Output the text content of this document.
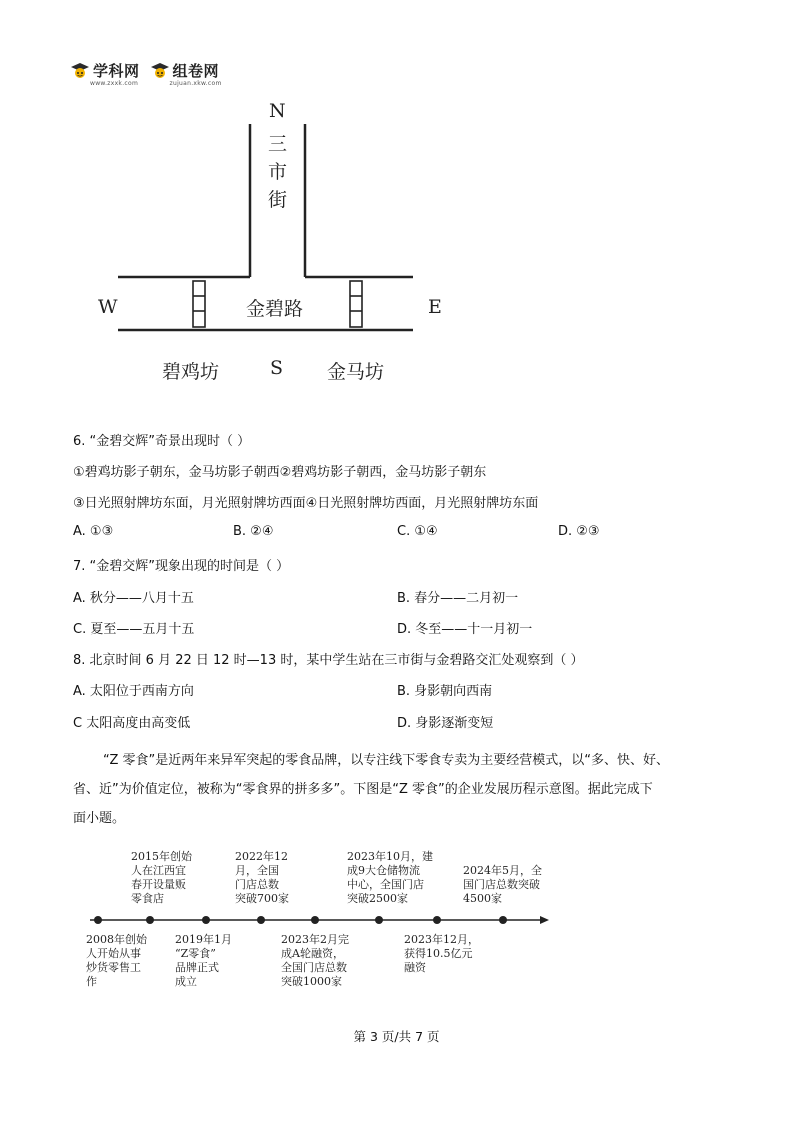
学科网
www.zxxk.com
组卷网
zujuan.xkw.com
N
三市街
金碧路
W	E
S
碧鸡坊	金马坊
6. “金碧交辉”奇景出现时（ ）
①碧鸡坊影子朝东，金马坊影子朝西②碧鸡坊影子朝西，金马坊影子朝东
③日光照射牌坊东面，月光照射牌坊西面④日光照射牌坊西面，月光照射牌坊东面
A. ①③	B. ②④	C. ①④	D. ②③
7. “金碧交辉”现象出现的时间是（ ）
A. 秋分——八月十五	B. 春分——二月初一
C. 夏至——五月十五	D. 冬至——十一月初一
8. 北京时间 6 月 22 日 12 时—13 时，某中学生站在三市街与金碧路交汇处观察到（ ）
A. 太阳位于西南方向	B. 身影朝向西南
C 太阳高度由高变低	D. 身影逐渐变短

“Z 零食”是近两年来异军突起的零食品牌，以专注线下零食专卖为主要经营模式，以“多、快、好、

省、近”为价值定位，被称为“零食界的拼多多”。下图是“Z 零食”的企业发展历程示意图。据此完成下

面小题。

2015年创始
人在江西宜
春开设量贩
零食店
2022年12
月，全国
门店总数
突破700家
2023年10月，建
成9大仓储物流
中心，全国门店
突破2500家
2024年5月，全
国门店总数突破
4500家
2008年创始
人开始从事
炒货零售工
作
2019年1月
“Z零食”
品牌正式
成立
2023年2月完
成A轮融资，
全国门店总数
突破1000家
2023年12月，
获得10.5亿元
融资
第 3 页/共 7 页
